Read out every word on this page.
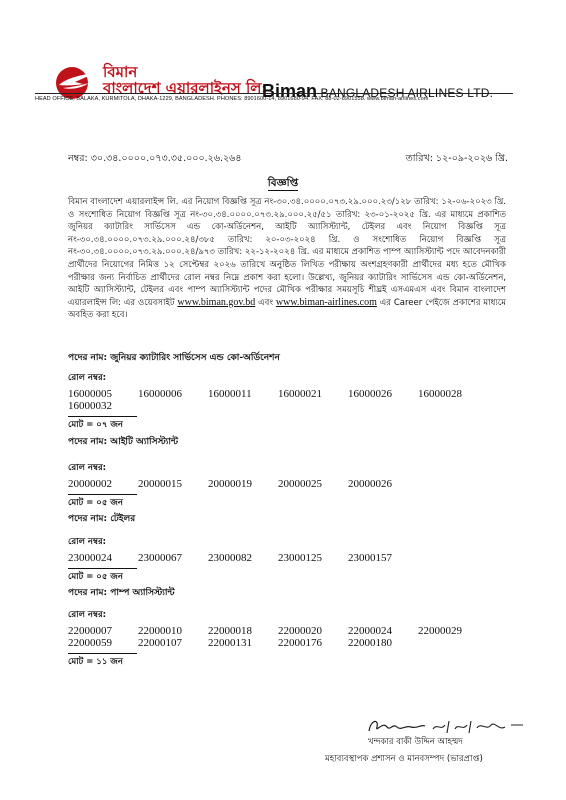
বিমান
বাংলাদেশ এয়ারলাইনস লি:
Biman BANGLADESH AIRLINES LTD.
HEAD OFFICE, BALAKA, KURMITOLA, DHAKA-1229, BANGLADESH. PHONES: 8901600-14, 8901680-94. FAX: 88-02-8901558. www.biman-airlines.com
নম্বর: ৩০.৩৪.০০০০.০৭৩.৩৫.০০০.২৬.২৬৪	তারিখ: ১২-০৯-২০২৬ খ্রি.
বিজ্ঞপ্তি
বিমান বাংলাদেশ এয়ারলাইন্স লি. এর নিয়োগ বিজ্ঞপ্তি সূত্র নং-৩০.৩৪.০০০০.০৭৩.২৯.০০০.২৩/১২৮ তারিখ: ১২-০৬-২০২৩ খ্রি. ও সংশোধিত নিয়োগ বিজ্ঞপ্তি সূত্র নং-৩০.৩৪.০০০০.০৭৩.২৯.০০০.২৫/৫১ তারিখ: ২৩-০১-২০২৫ খ্রি. এর মাধ্যমে প্রকাশিত জুনিয়র ক্যাটারিং সার্ভিসেস এন্ড কো-অর্ডিনেশন, আইটি অ্যাসিস্ট্যান্ট, টেইলর এবং নিয়োগ বিজ্ঞপ্তি সূত্র নং-৩০.৩৪.০০০০.০৭৩.২৯.০০০.২৪/৩৮৫ তারিখ: ২০-০৩-২০২৪ খ্রি. ও সংশোধিত নিয়োগ বিজ্ঞপ্তি সূত্র নং-৩০.৩৪.০০০০.০৭৩.২৯.০০০.২৪/৯৭৩ তারিখ: ২২-১২-২০২৪ খ্রি. এর মাধ্যমে প্রকাশিত পাম্প অ্যাসিস্ট্যান্ট পদে আবেদনকারী প্রার্থীদের নিয়োগের নিমিত্ত ১২ সেপ্টেম্বর ২০২৬ তারিখে অনুষ্ঠিত লিখিত পরীক্ষায় অংশগ্রহণকারী প্রার্থীদের মধ্য হতে মৌখিক পরীক্ষার জন্য নির্বাচিত প্রার্থীদের রোল নম্বর নিম্নে প্রকাশ করা হলো। উল্লেখ্য, জুনিয়র ক্যাটারিং সার্ভিসেস এন্ড কো-অর্ডিনেশন, আইটি অ্যাসিস্ট্যান্ট, টেইলর এবং পাম্প অ্যাসিস্ট্যান্ট পদের মৌখিক পরীক্ষার সময়সূচি শীঘ্রই এসএমএস এবং বিমান বাংলাদেশ এয়ারলাইন্স লি: এর ওয়েবসাইট www.biman.gov.bd এবং www.biman-airlines.com এর Career পেইজে প্রকাশের মাধ্যমে অবহিত করা হবে।
পদের নাম: জুনিয়র ক্যাটারিং সার্ভিসেস এন্ড কো-অর্ডিনেশন
রোল নম্বর:
16000005	16000006	16000011	16000021	16000026	16000028
16000032
মোট = ০৭ জন
পদের নাম: আইটি অ্যাসিস্ট্যান্ট
রোল নম্বর:
20000002	20000015	20000019	20000025	20000026
মোট = ০৫ জন
পদের নাম: টেইলর
রোল নম্বর:
23000024	23000067	23000082	23000125	23000157
মোট = ০৫ জন
পদের নাম: পাম্প অ্যাসিস্ট্যান্ট
রোল নম্বর:
22000007	22000010	22000018	22000020	22000024	22000029
22000059	22000107	22000131	22000176	22000180
মোট = ১১ জন
খন্দকার বাকী উদ্দিন আহম্মদ
মহাব্যবস্থাপক প্রশাসন ও মানবসম্পদ (ভারপ্রাপ্ত)
